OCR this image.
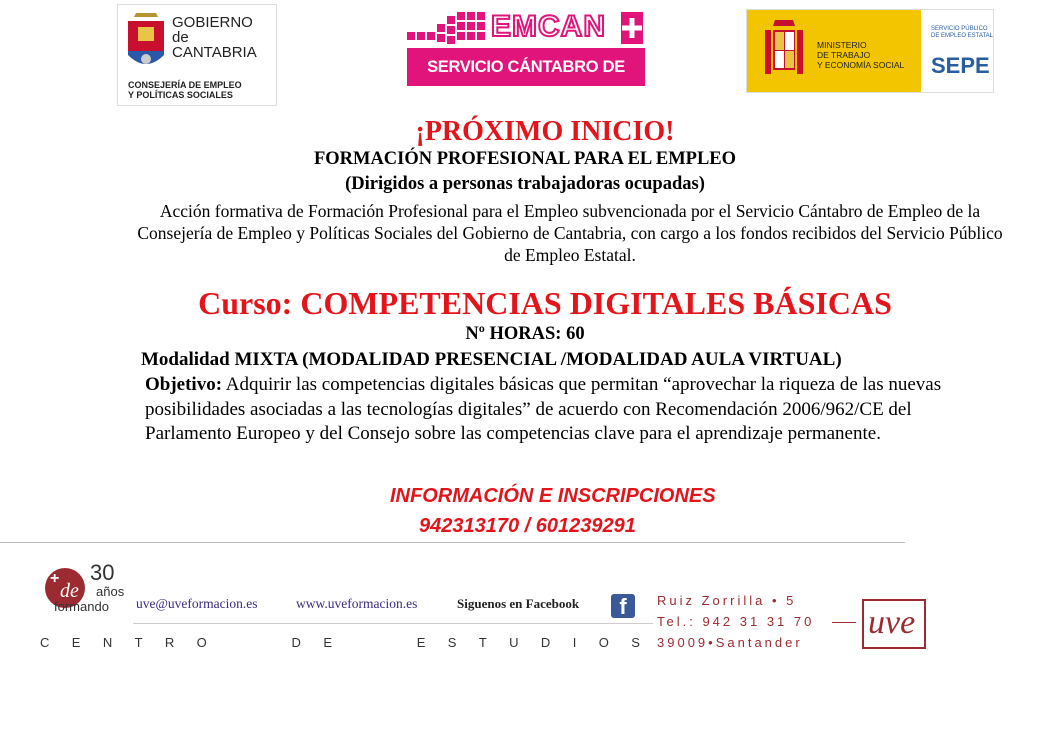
GOBIERNO
de
CANTABRIA
CONSEJERÍA DE EMPLEO
Y POLÍTICAS SOCIALES
EMCAN
SERVICIO CÁNTABRO DE EMPLEO
MINISTERIO
DE TRABAJO
Y ECONOMÍA SOCIAL
SERVICIO PÚBLICO
DE EMPLEO ESTATAL
SEPE
¡PRÓXIMO INICIO!
FORMACIÓN PROFESIONAL PARA EL EMPLEO
(Dirigidos a personas trabajadoras ocupadas)
Acción formativa de Formación Profesional para el Empleo subvencionada por el Servicio Cántabro de Empleo de la Consejería de Empleo y Políticas Sociales del Gobierno de Cantabria, con cargo a los fondos recibidos del Servicio Público de Empleo Estatal.
Curso: COMPETENCIAS DIGITALES BÁSICAS
Nº HORAS: 60
Modalidad MIXTA (MODALIDAD PRESENCIAL /MODALIDAD AULA VIRTUAL)
Objetivo: Adquirir las competencias digitales básicas que permitan “aprovechar la riqueza de las nuevas posibilidades asociadas a las tecnologías digitales” de acuerdo con Recomendación 2006/962/CE del Parlamento Europeo y del Consejo sobre las competencias clave para el aprendizaje permanente.
INFORMACIÓN E INSCRIPCIONES
942313170 / 601239291
+
de
30
años
formando uve@uveformacion.es	www.uveformacion.es	Siguenos en Facebook	f	Ruiz Zorrilla • 5
Tel.: 942 31 31 70
39009•Santander
uve
C E N T R O	D E	E S T U D I O S
